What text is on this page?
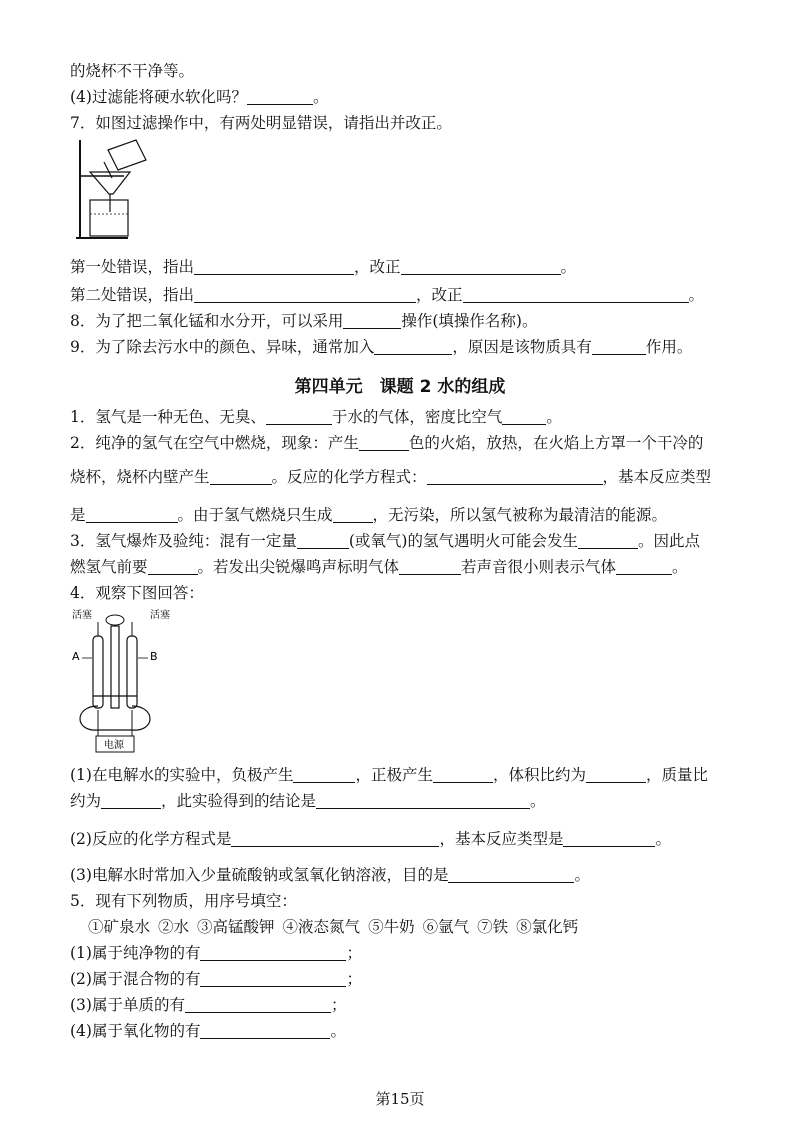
的烧杯不干净等。
(4)过滤能将硬水软化吗？	。
7．如图过滤操作中，有两处明显错误，请指出并改正。
第一处错误，指出	，改正	。
第二处错误，指出	，改正	。
8．为了把二氧化锰和水分开，可以采用	操作(填操作名称)。
9．为了除去污水中的颜色、异味，通常加入	，原因是该物质具有	作用。
第四单元　课题 2 水的组成
1．氢气是一种无色、无臭、	于水的气体，密度比空气	。
2．纯净的氢气在空气中燃烧，现象：产生	色的火焰，放热，在火焰上方罩一个干冷的
烧杯，烧杯内壁产生	。反应的化学方程式：	，基本反应类型
是	。由于氢气燃烧只生成	，无污染，所以氢气被称为最清洁的能源。
3．氢气爆炸及验纯：混有一定量	(或氧气)的氢气遇明火可能会发生	。因此点
燃氢气前要	。若发出尖锐爆鸣声标明气体	若声音很小则表示气体	。
4．观察下图回答：
活塞	活塞
A	B
电源
(1)在电解水的实验中，负极产生	，正极产生	，体积比约为	，质量比
约为	，此实验得到的结论是	。
(2)反应的化学方程式是	，基本反应类型是	。
(3)电解水时常加入少量硫酸钠或氢氧化钠溶液，目的是	。
5．现有下列物质，用序号填空：
①矿泉水 ②水 ③高锰酸钾 ④液态氮气 ⑤牛奶 ⑥氩气 ⑦铁 ⑧氯化钙
(1)属于纯净物的有	；
(2)属于混合物的有	；
(3)属于单质的有	；
(4)属于氧化物的有	。
第15页
